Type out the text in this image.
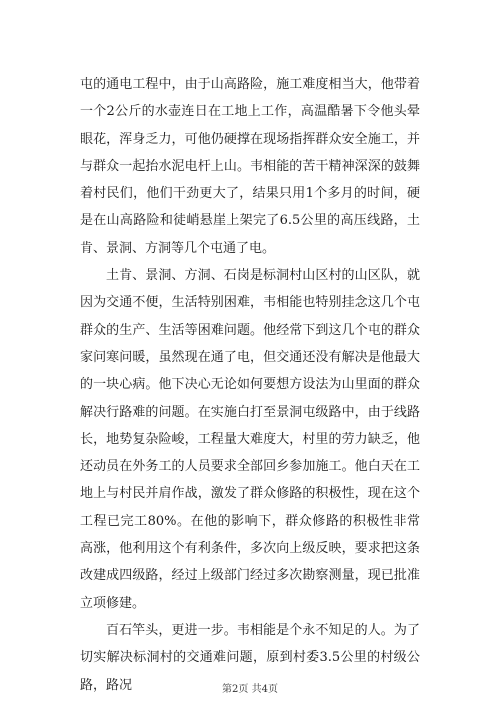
屯的通电工程中，由于山高路险，施工难度相当大，他带着一个2公斤的水壶连日在工地上工作，高温酷暑下令他头晕眼花，浑身乏力，可他仍硬撑在现场指挥群众安全施工，并与群众一起抬水泥电杆上山。韦相能的苦干精神深深的鼓舞着村民们，他们干劲更大了，结果只用1个多月的时间，硬是在山高路险和徒峭悬崖上架完了6.5公里的高压线路，土肯、景洞、方洞等几个屯通了电。

土肯、景洞、方洞、石岗是标洞村山区村的山区队，就因为交通不便，生活特别困难，韦相能也特别挂念这几个屯群众的生产、生活等困难问题。他经常下到这几个屯的群众家问寒问暖，虽然现在通了电，但交通还没有解决是他最大的一块心病。他下决心无论如何要想方设法为山里面的群众解决行路难的问题。在实施白打至景洞屯级路中，由于线路长，地势复杂险峻，工程量大难度大，村里的劳力缺乏，他还动员在外务工的人员要求全部回乡参加施工。他白天在工地上与村民并肩作战，激发了群众修路的积极性，现在这个工程已完工80%。在他的影响下，群众修路的积极性非常高涨，他利用这个有利条件，多次向上级反映，要求把这条改建成四级路，经过上级部门经过多次勘察测量，现已批准立项修建。

百石竿头，更进一步。韦相能是个永不知足的人。为了切实解决标洞村的交通难问题，原到村委3.5公里的村级公路，路况	第2页 共4页
